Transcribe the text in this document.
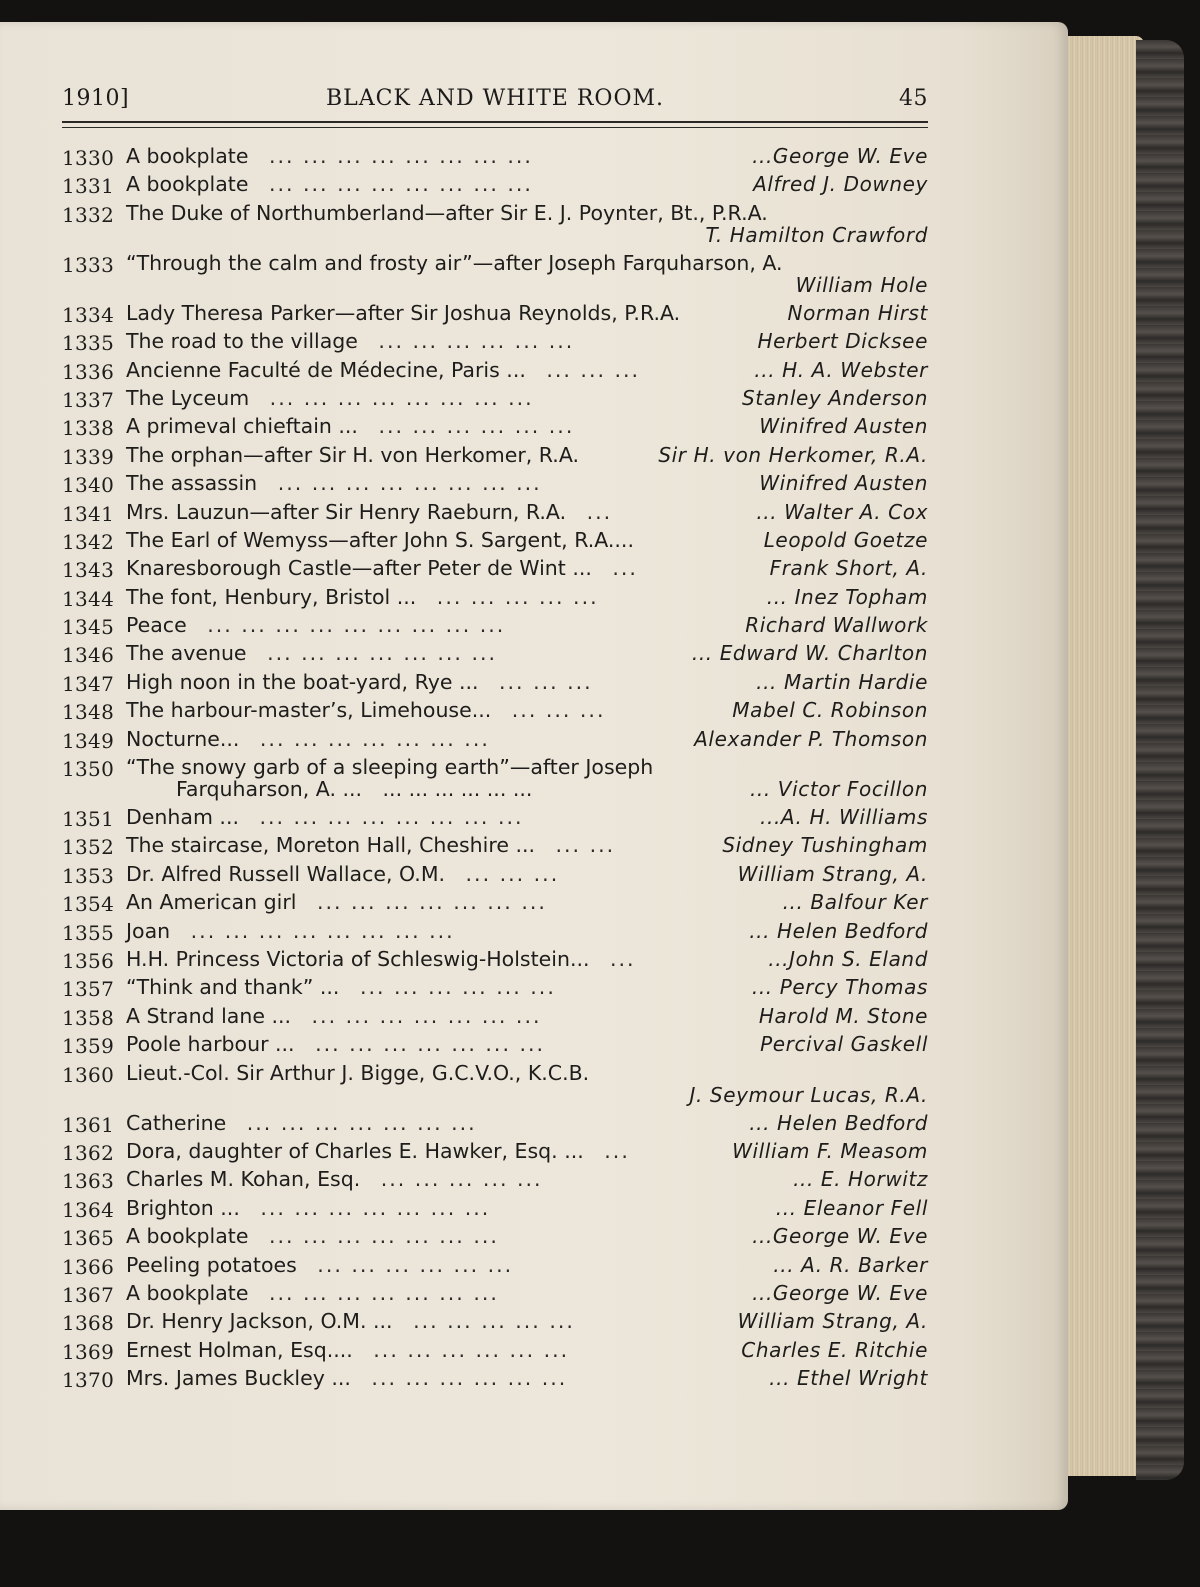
1910]	BLACK AND WHITE ROOM.	45
1330 A bookplate  ... ... ... ... ... ... ... ...	...George W. Eve
1331 A bookplate  ... ... ... ... ... ... ... ...	Alfred J. Downey
1332 The Duke of Northumberland—after Sir E. J. Poynter, Bt., P.R.A.
T. Hamilton Crawford
1333 “Through the calm and frosty air”—after Joseph Farquharson, A.
William Hole
1334 Lady Theresa Parker—after Sir Joshua Reynolds, P.R.A.	Norman Hirst
1335 The road to the village  ... ... ... ... ... ...	Herbert Dicksee
1336 Ancienne Faculté de Médecine, Paris ...  ... ... ...	... H. A. Webster
1337 The Lyceum  ... ... ... ... ... ... ... ...	Stanley Anderson
1338 A primeval chieftain ...  ... ... ... ... ... ...	Winifred Austen
1339 The orphan—after Sir H. von Herkomer, R.A.	Sir H. von Herkomer, R.A.
1340 The assassin  ... ... ... ... ... ... ... ...	Winifred Austen
1341 Mrs. Lauzun—after Sir Henry Raeburn, R.A.  ...	... Walter A. Cox
1342 The Earl of Wemyss—after John S. Sargent, R.A....	Leopold Goetze
1343 Knaresborough Castle—after Peter de Wint ...  ...	Frank Short, A.
1344 The font, Henbury, Bristol ...  ... ... ... ... ...	... Inez Topham
1345 Peace  ... ... ... ... ... ... ... ... ...	Richard Wallwork
1346 The avenue  ... ... ... ... ... ... ...	... Edward W. Charlton
1347 High noon in the boat-yard, Rye ...  ... ... ...	... Martin Hardie
1348 The harbour-master’s, Limehouse...  ... ... ...	Mabel C. Robinson
1349 Nocturne...  ... ... ... ... ... ... ...	Alexander P. Thomson
1350 “The snowy garb of a sleeping earth”—after Joseph
Farquharson, A. ...  ... ... ... ... ... ...	... Victor Focillon
1351 Denham ...  ... ... ... ... ... ... ... ...	...A. H. Williams
1352 The staircase, Moreton Hall, Cheshire ...  ... ...	Sidney Tushingham
1353 Dr. Alfred Russell Wallace, O.M.  ... ... ...	William Strang, A.
1354 An American girl  ... ... ... ... ... ... ...	... Balfour Ker
1355 Joan  ... ... ... ... ... ... ... ...	... Helen Bedford
1356 H.H. Princess Victoria of Schleswig-Holstein...  ...	...John S. Eland
1357 “Think and thank” ...  ... ... ... ... ... ...	... Percy Thomas
1358 A Strand lane ...  ... ... ... ... ... ... ...	Harold M. Stone
1359 Poole harbour ...  ... ... ... ... ... ... ...	Percival Gaskell
1360 Lieut.-Col. Sir Arthur J. Bigge, G.C.V.O., K.C.B.
J. Seymour Lucas, R.A.
1361 Catherine  ... ... ... ... ... ... ...	... Helen Bedford
1362 Dora, daughter of Charles E. Hawker, Esq. ...  ...	William F. Measom
1363 Charles M. Kohan, Esq.  ... ... ... ... ...	... E. Horwitz
1364 Brighton ...  ... ... ... ... ... ... ...	... Eleanor Fell
1365 A bookplate  ... ... ... ... ... ... ...	...George W. Eve
1366 Peeling potatoes  ... ... ... ... ... ...	... A. R. Barker
1367 A bookplate  ... ... ... ... ... ... ...	...George W. Eve
1368 Dr. Henry Jackson, O.M. ...  ... ... ... ... ...	William Strang, A.
1369 Ernest Holman, Esq....  ... ... ... ... ... ...	Charles E. Ritchie
1370 Mrs. James Buckley ...  ... ... ... ... ... ...	... Ethel Wright
